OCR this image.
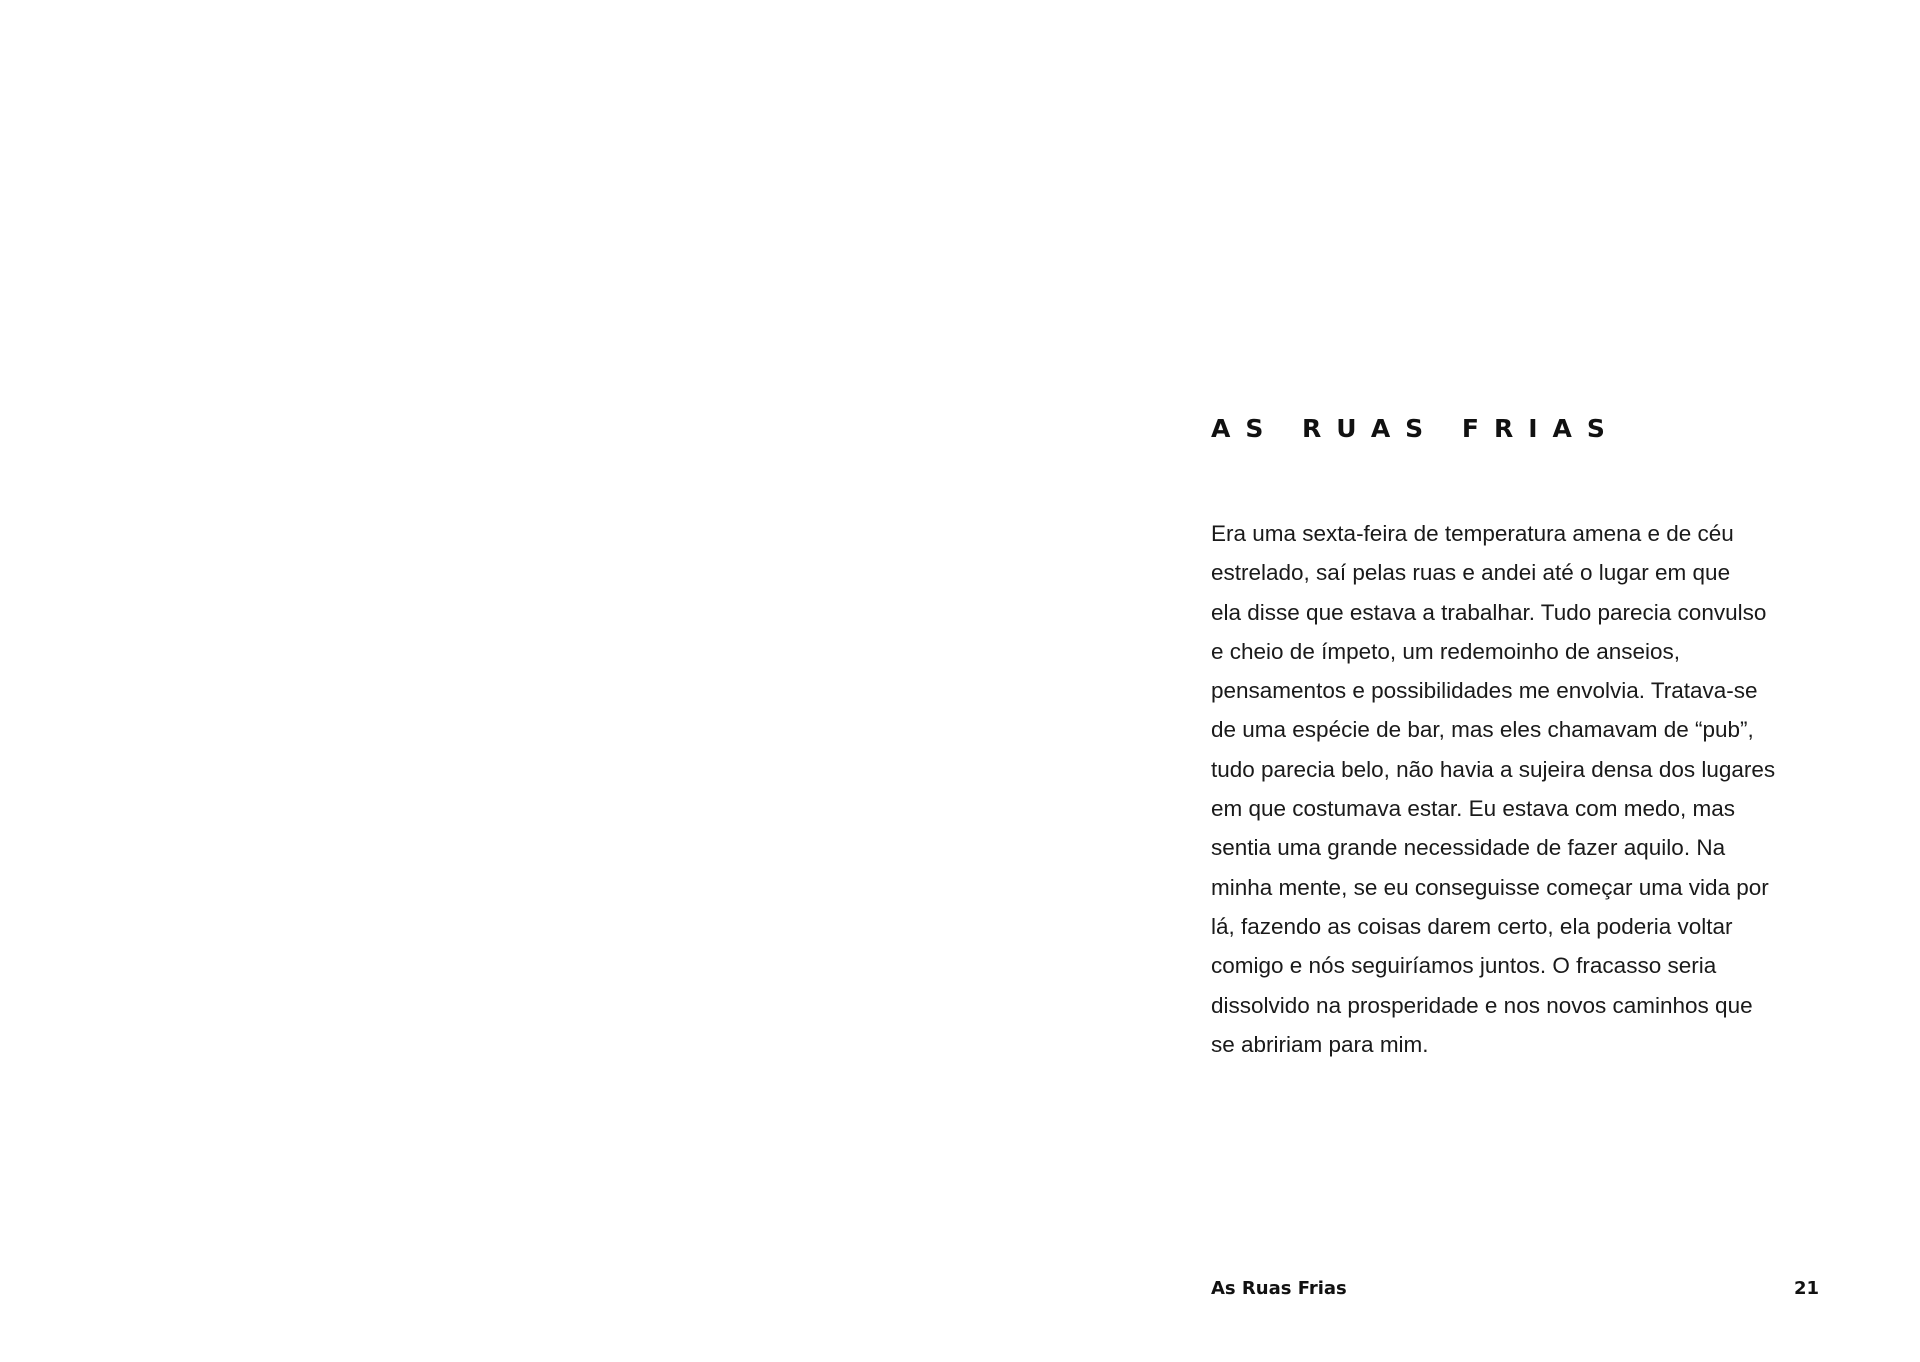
AS RUAS FRIAS
Era uma sexta-feira de temperatura amena e de céu
estrelado, saí pelas ruas e andei até o lugar em que
ela disse que estava a trabalhar. Tudo parecia convulso
e cheio de ímpeto, um redemoinho de anseios,
pensamentos e possibilidades me envolvia. Tratava-se
de uma espécie de bar, mas eles chamavam de “pub”,
tudo parecia belo, não havia a sujeira densa dos lugares
em que costumava estar. Eu estava com medo, mas
sentia uma grande necessidade de fazer aquilo. Na
minha mente, se eu conseguisse começar uma vida por
lá, fazendo as coisas darem certo, ela poderia voltar
comigo e nós seguiríamos juntos. O fracasso seria
dissolvido na prosperidade e nos novos caminhos que
se abririam para mim.
As Ruas Frias	21
